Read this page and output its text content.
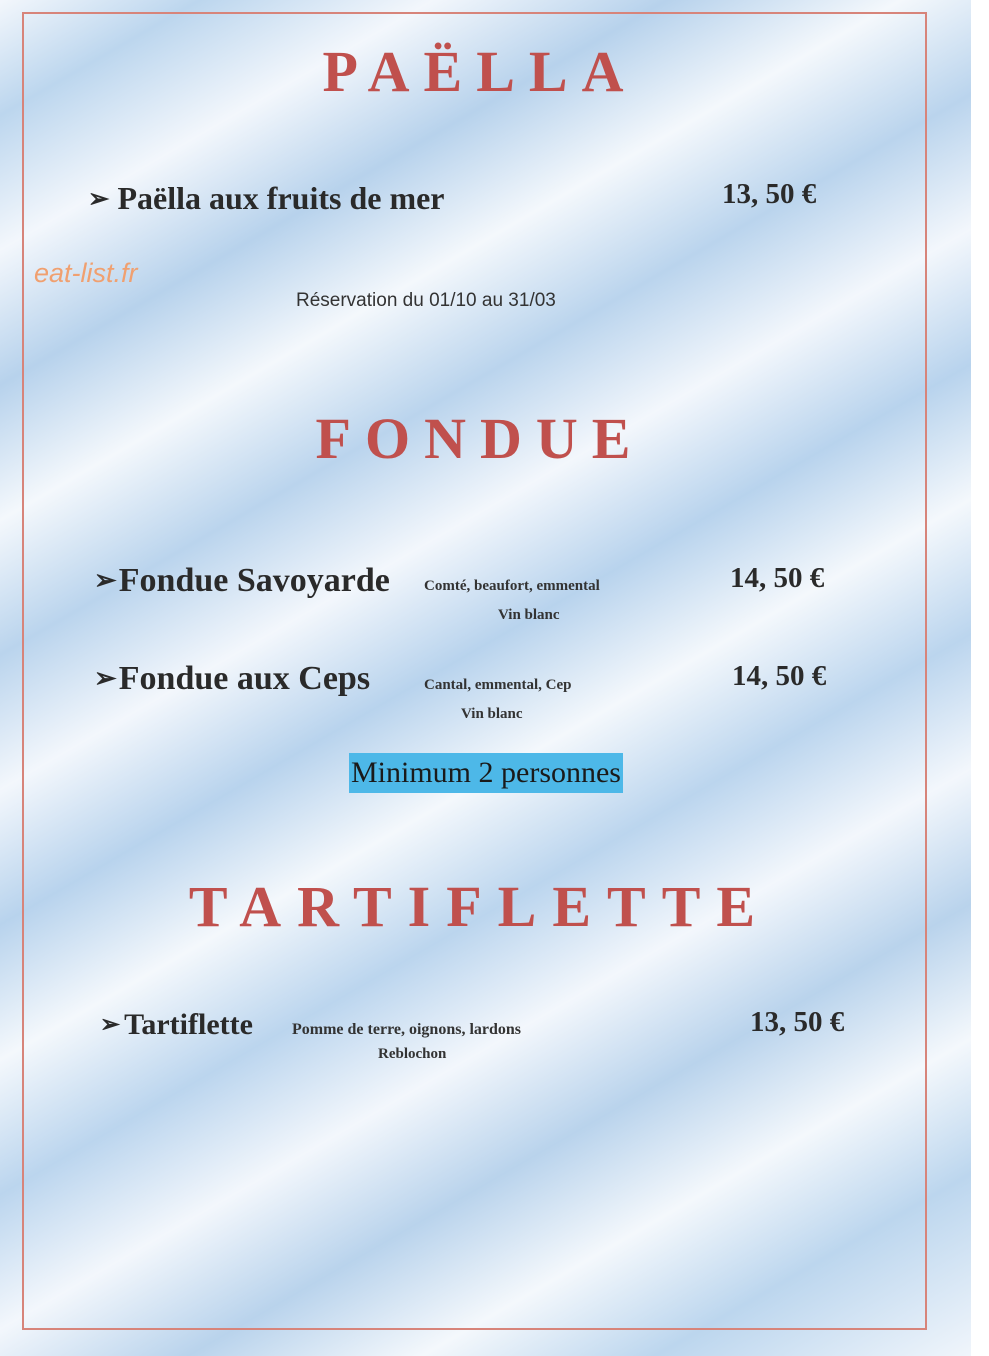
PAËLLA
➢ Paëlla aux fruits de mer	13, 50 €
eat-list.fr
Réservation du 01/10 au 31/03
FONDUE
➢Fondue Savoyarde Comté, beaufort, emmental
Vin blanc
14, 50 €
➢Fondue aux Ceps	Cantal, emmental, Cep
Vin blanc
14, 50 €
Minimum 2 personnes
TARTIFLETTE
➢ Tartiflette Pomme de terre, oignons, lardons
Reblochon
13, 50 €
